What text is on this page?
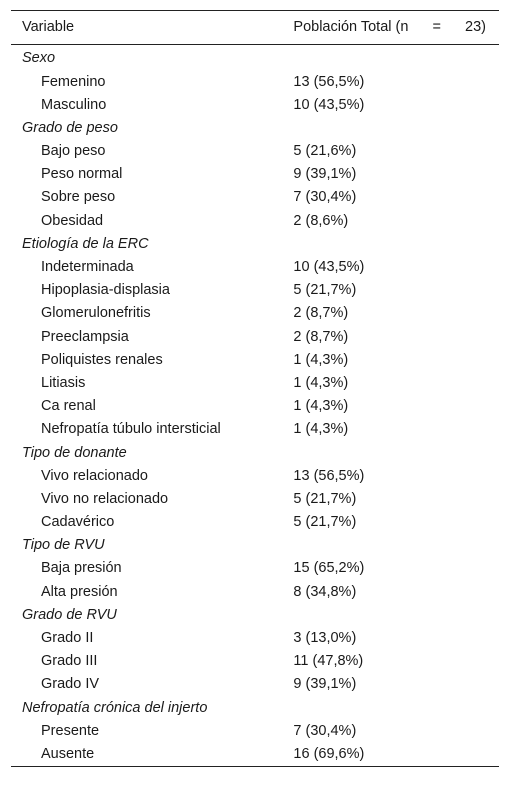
Variable	Población Total (n = 23)

Sexo	
Femenino	13 (56,5%)
Masculino	10 (43,5%)
Grado de peso	
Bajo peso	5 (21,6%)
Peso normal	9 (39,1%)
Sobre peso	7 (30,4%)
Obesidad	2 (8,6%)
Etiología de la ERC	
Indeterminada	10 (43,5%)
Hipoplasia-displasia	5 (21,7%)
Glomerulonefritis	2 (8,7%)
Preeclampsia	2 (8,7%)
Poliquistes renales	1 (4,3%)
Litiasis	1 (4,3%)
Ca renal	1 (4,3%)
Nefropatía túbulo intersticial	1 (4,3%)
Tipo de donante	
Vivo relacionado	13 (56,5%)
Vivo no relacionado	5 (21,7%)
Cadavérico	5 (21,7%)
Tipo de RVU	
Baja presión	15 (65,2%)
Alta presión	8 (34,8%)
Grado de RVU	
Grado II	3 (13,0%)
Grado III	11 (47,8%)
Grado IV	9 (39,1%)
Nefropatía crónica del injerto	
Presente	7 (30,4%)
Ausente	16 (69,6%)
